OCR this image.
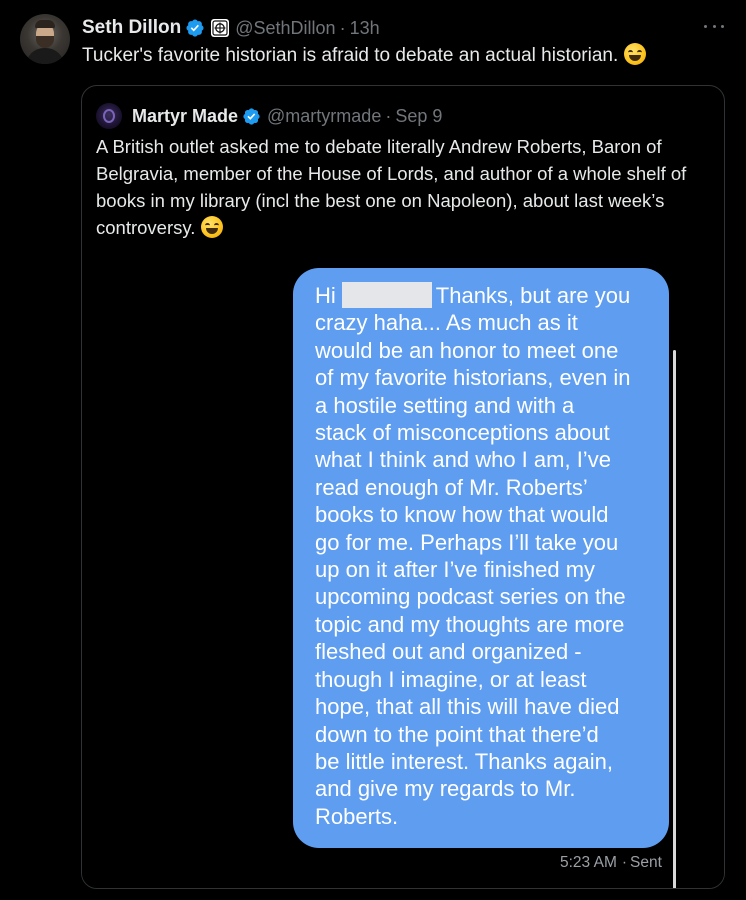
Seth Dillon	@SethDillon · 13h
Tucker's favorite historian is afraid to debate an actual historian.
Martyr Made @martyrmade · Sep 9
A British outlet asked me to debate literally Andrew Roberts, Baron of
Belgravia, member of the House of Lords, and author of a whole shelf of
books in my library (incl the best one on Napoleon), about last week’s
controversy.
Hi	Thanks, but are you
crazy haha... As much as it
would be an honor to meet one
of my favorite historians, even in
a hostile setting and with a
stack of misconceptions about
what I think and who I am, I’ve
read enough of Mr. Roberts’
books to know how that would
go for me. Perhaps I’ll take you
up on it after I’ve finished my
upcoming podcast series on the
topic and my thoughts are more
fleshed out and organized -
though I imagine, or at least
hope, that all this will have died
down to the point that there’d
be little interest. Thanks again,
and give my regards to Mr.
Roberts.
5:23 AM · Sent
